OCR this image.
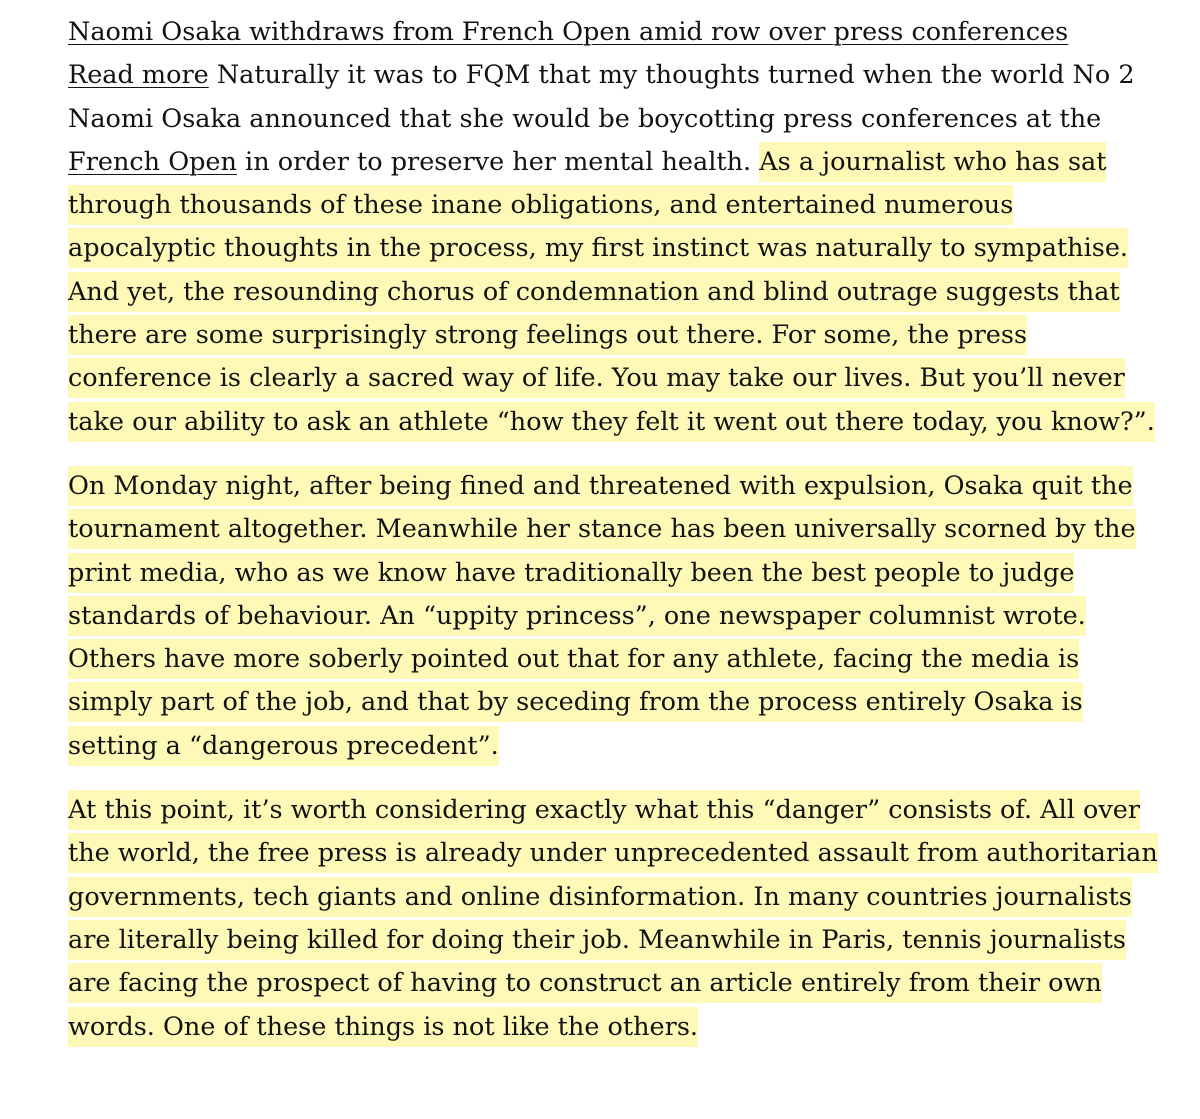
Naomi Osaka withdraws from French Open amid row over press conferences
Read more Naturally it was to FQM that my thoughts turned when the world No 2 Naomi Osaka announced that she would be boycotting press conferences at the French Open in order to preserve her mental health. As a journalist who has sat through thousands of these inane obligations, and entertained numerous apocalyptic thoughts in the process, my first instinct was naturally to sympathise. And yet, the resounding chorus of condemnation and blind outrage suggests that there are some surprisingly strong feelings out there. For some, the press conference is clearly a sacred way of life. You may take our lives. But you’ll never take our ability to ask an athlete “how they felt it went out there today, you know?”.

On Monday night, after being fined and threatened with expulsion, Osaka quit the tournament altogether. Meanwhile her stance has been universally scorned by the print media, who as we know have traditionally been the best people to judge standards of behaviour. An “uppity princess”, one newspaper columnist wrote. Others have more soberly pointed out that for any athlete, facing the media is simply part of the job, and that by seceding from the process entirely Osaka is setting a “dangerous precedent”.

At this point, it’s worth considering exactly what this “danger” consists of. All over the world, the free press is already under unprecedented assault from authoritarian governments, tech giants and online disinformation. In many countries journalists are literally being killed for doing their job. Meanwhile in Paris, tennis journalists are facing the prospect of having to construct an article entirely from their own words. One of these things is not like the others.
